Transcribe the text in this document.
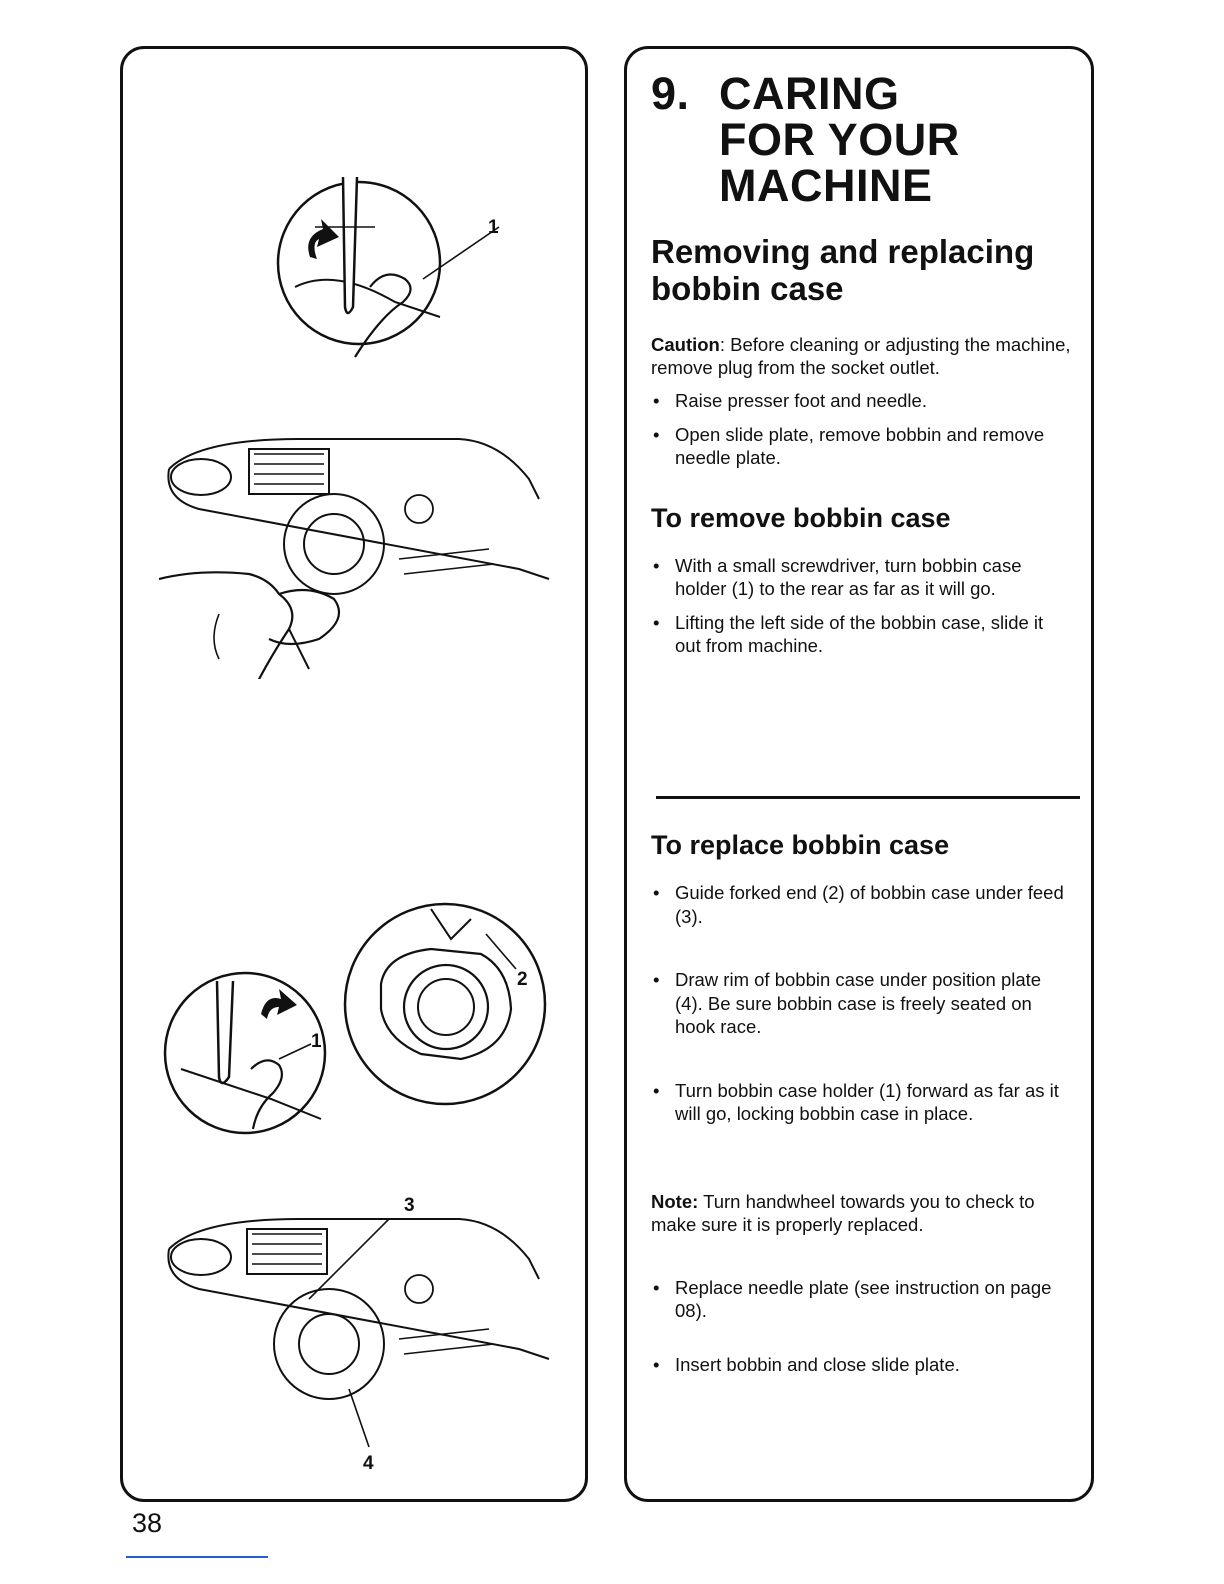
1
1
2
3
4
9. CARING
FOR YOUR
MACHINE
Removing and replacing bobbin case

Caution: Before cleaning or adjusting the machine, remove plug from the socket outlet.

• Raise presser foot and needle.

• Open slide plate, remove bobbin and remove needle plate.

To remove bobbin case

• With a small screwdriver, turn bobbin case holder (1) to the rear as far as it will go.

• Lifting the left side of the bobbin case, slide it out from machine.

To replace bobbin case

• Guide forked end (2) of bobbin case under feed (3).

• Draw rim of bobbin case under position plate (4). Be sure bobbin case is freely seated on hook race.

• Turn bobbin case holder (1) forward as far as it will go, locking bobbin case in place.

Note: Turn handwheel towards you to check to make sure it is properly replaced.

• Replace needle plate (see instruction on page 08).

• Insert bobbin and close slide plate.

38
